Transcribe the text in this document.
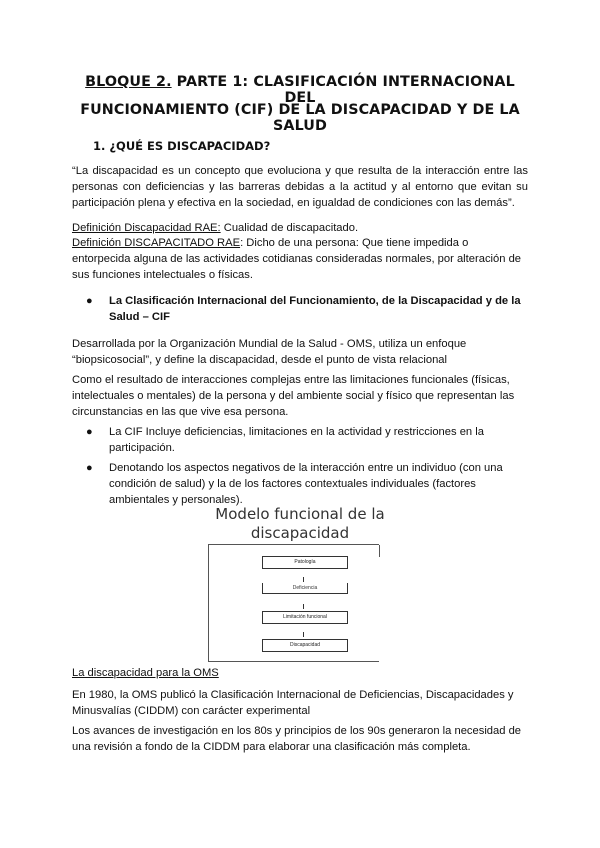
BLOQUE 2. PARTE 1: CLASIFICACIÓN INTERNACIONAL DEL
FUNCIONAMIENTO (CIF) DE LA DISCAPACIDAD Y DE LA SALUD
1. ¿QUÉ ES DISCAPACIDAD?
“La discapacidad es un concepto que evoluciona y que resulta de la interacción entre las personas con deficiencias y las barreras debidas a la actitud y al entorno que evitan su participación plena y efectiva en la sociedad, en igualdad de condiciones con las demás”.
Definición Discapacidad RAE: Cualidad de discapacitado.
Definición DISCAPACITADO RAE: Dicho de una persona: Que tiene impedida o entorpecida alguna de las actividades cotidianas consideradas normales, por alteración de sus funciones intelectuales o físicas.
● La Clasificación Internacional del Funcionamiento, de la Discapacidad y de la Salud – CIF
Desarrollada por la Organización Mundial de la Salud - OMS, utiliza un enfoque “biopsicosocial”, y define la discapacidad, desde el punto de vista relacional
Como el resultado de interacciones complejas entre las limitaciones funcionales (físicas, intelectuales o mentales) de la persona y del ambiente social y físico que representan las circunstancias en las que vive esa persona.
● La CIF Incluye deficiencias, limitaciones en la actividad y restricciones en la participación.
● Denotando los aspectos negativos de la interacción entre un individuo (con una condición de salud) y la de los factores contextuales individuales (factores ambientales y personales).
Modelo funcional de la discapacidad
Patología
Deficiencia
Limitación funcional
Discapacidad
La discapacidad para la OMS
En 1980, la OMS publicó la Clasificación Internacional de Deficiencias, Discapacidades y Minusvalías (CIDDM) con carácter experimental
Los avances de investigación en los 80s y principios de los 90s generaron la necesidad de una revisión a fondo de la CIDDM para elaborar una clasificación más completa.
